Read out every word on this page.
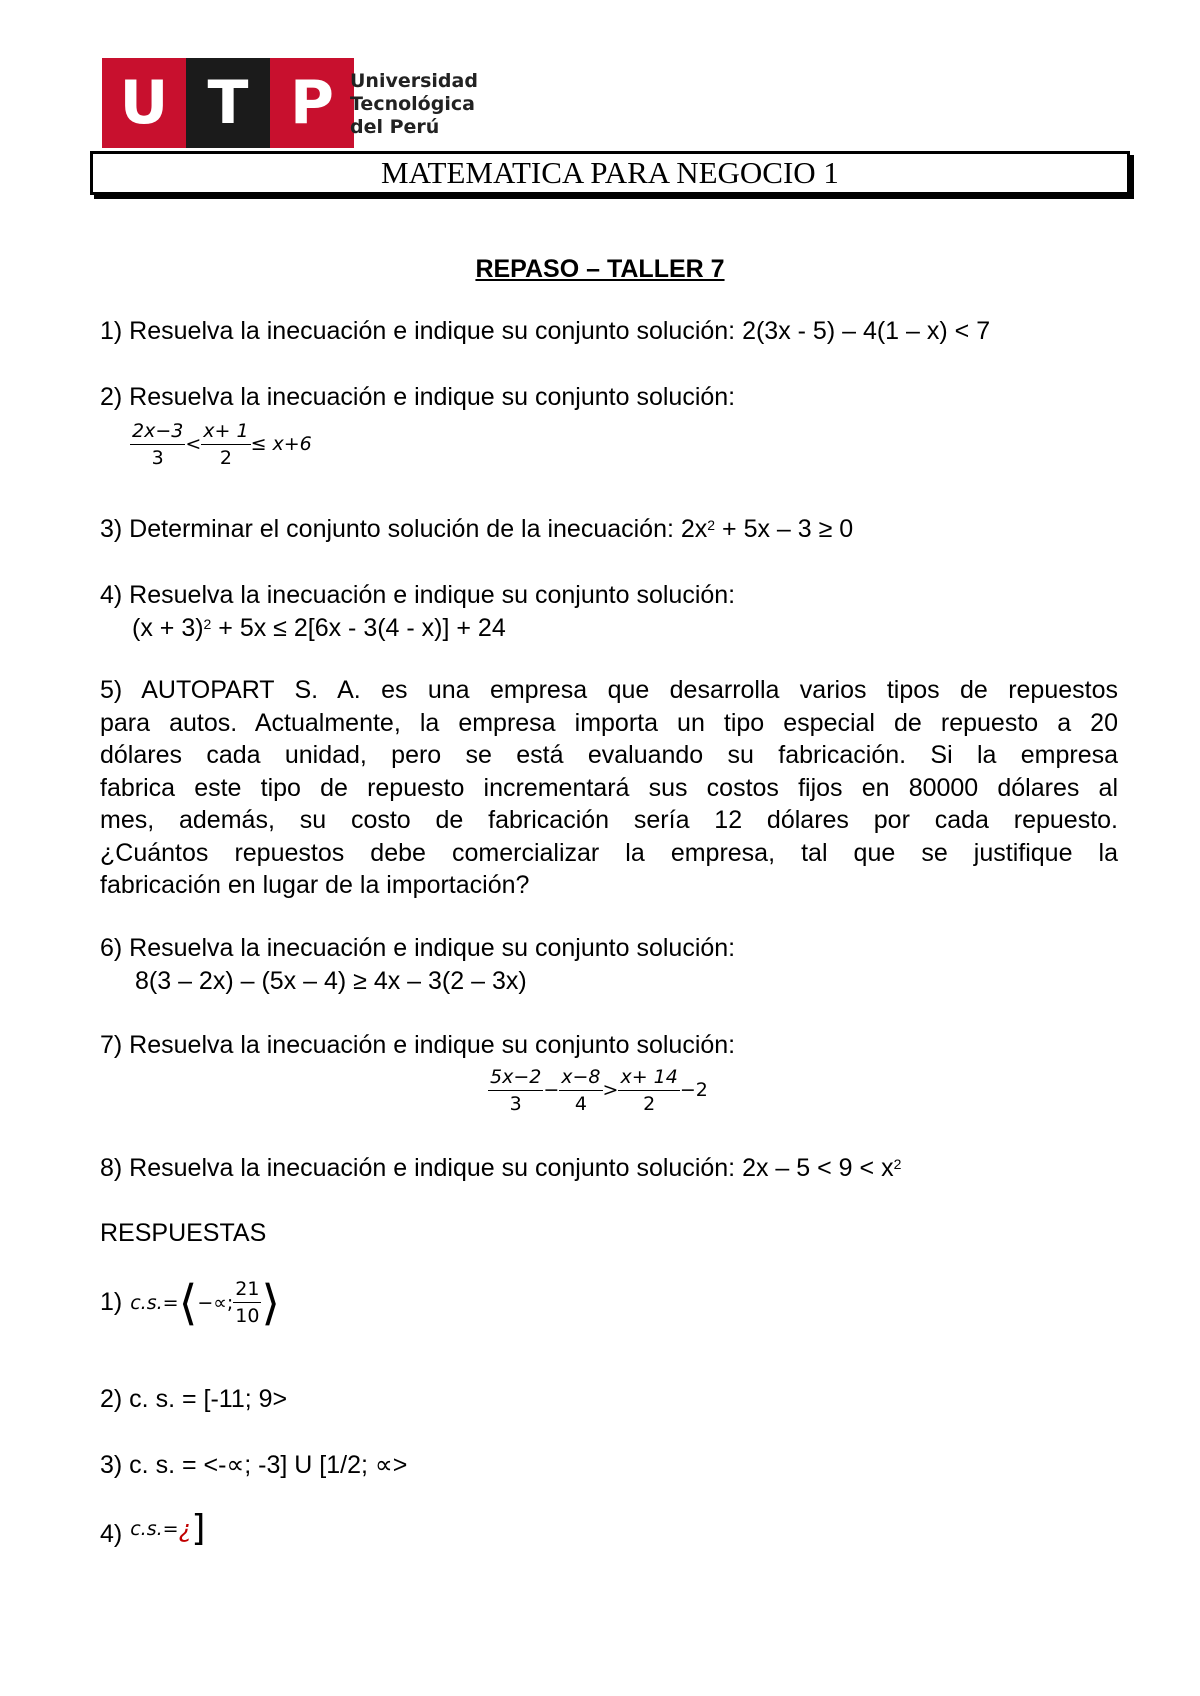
U T P Universidad
Tecnológica
del Perú
MATEMATICA PARA NEGOCIO 1
REPASO – TALLER 7
1) Resuelva la inecuación e indique su conjunto solución: 2(3x - 5) – 4(1 – x) < 7
2) Resuelva la inecuación e indique su conjunto solución:
$\frac{2x-3}{3} < \frac{x+ 1}{2} \le x+6$
3) Determinar el conjunto solución de la inecuación: $2x^2 + 5x - 3 \ge 0$
4) Resuelva la inecuación e indique su conjunto solución:
$(x + 3)^2 + 5x \le 2[6x - 3(4 - x)] + 24$
5) AUTOPART S. A. es una empresa que desarrolla varios tipos de repuestos
para autos. Actualmente, la empresa importa un tipo especial de repuesto a 20
dólares cada unidad, pero se está evaluando su fabricación. Si la empresa
fabrica este tipo de repuesto incrementará sus costos fijos en 80000 dólares al
mes, además, su costo de fabricación sería 12 dólares por cada repuesto.
¿Cuántos repuestos debe comercializar la empresa, tal que se justifique la
fabricación en lugar de la importación?
6) Resuelva la inecuación e indique su conjunto solución:
8(3 – 2x) – (5x – 4) ≥ 4x – 3(2 – 3x)
7) Resuelva la inecuación e indique su conjunto solución:
$\frac{5x-2}{3} - \frac{x-8}{4} > \frac{x+ 14}{2} -2$
8) Resuelva la inecuación e indique su conjunto solución: $2x - 5 < 9 < x^2$
RESPUESTAS
1) c.s.= ⟨ −∝; $\frac{21}{10}$ ⟩
2) c. s. = [-11; 9>
3) c. s. = <-∝; -3] U [1/2; ∝>
4) c.s.= ¿ ]
